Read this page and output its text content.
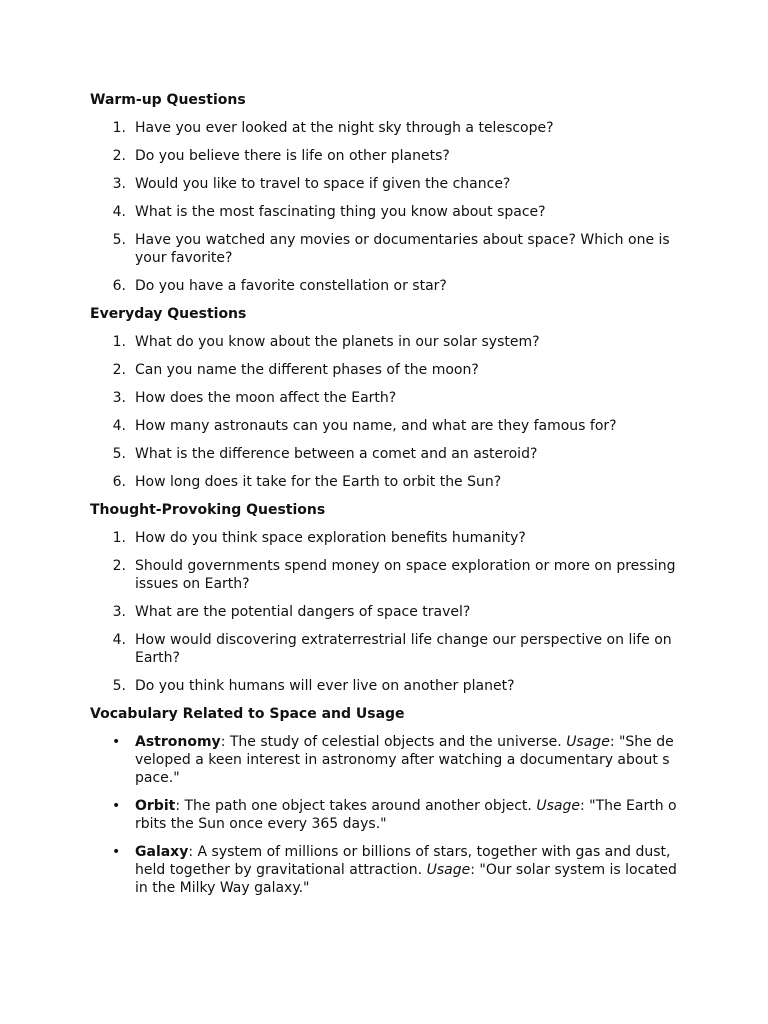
Warm-up Questions
1. Have you ever looked at the night sky through a telescope?
2. Do you believe there is life on other planets?
3. Would you like to travel to space if given the chance?
4. What is the most fascinating thing you know about space?
5. Have you watched any movies or documentaries about space? Which one is your favorite?
6. Do you have a favorite constellation or star?
Everyday Questions
1. What do you know about the planets in our solar system?
2. Can you name the different phases of the moon?
3. How does the moon affect the Earth?
4. How many astronauts can you name, and what are they famous for?
5. What is the difference between a comet and an asteroid?
6. How long does it take for the Earth to orbit the Sun?
Thought-Provoking Questions
1. How do you think space exploration benefits humanity?
2. Should governments spend money on space exploration or more on pressing issues on Earth?
3. What are the potential dangers of space travel?
4. How would discovering extraterrestrial life change our perspective on life on Earth?
5. Do you think humans will ever live on another planet?
Vocabulary Related to Space and Usage
• Astronomy: The study of celestial objects and the universe. Usage: "She developed a keen interest in astronomy after watching a documentary about space."
• Orbit: The path one object takes around another object. Usage: "The Earth orbits the Sun once every 365 days."
• Galaxy: A system of millions or billions of stars, together with gas and dust, held together by gravitational attraction. Usage: "Our solar system is located in the Milky Way galaxy."
